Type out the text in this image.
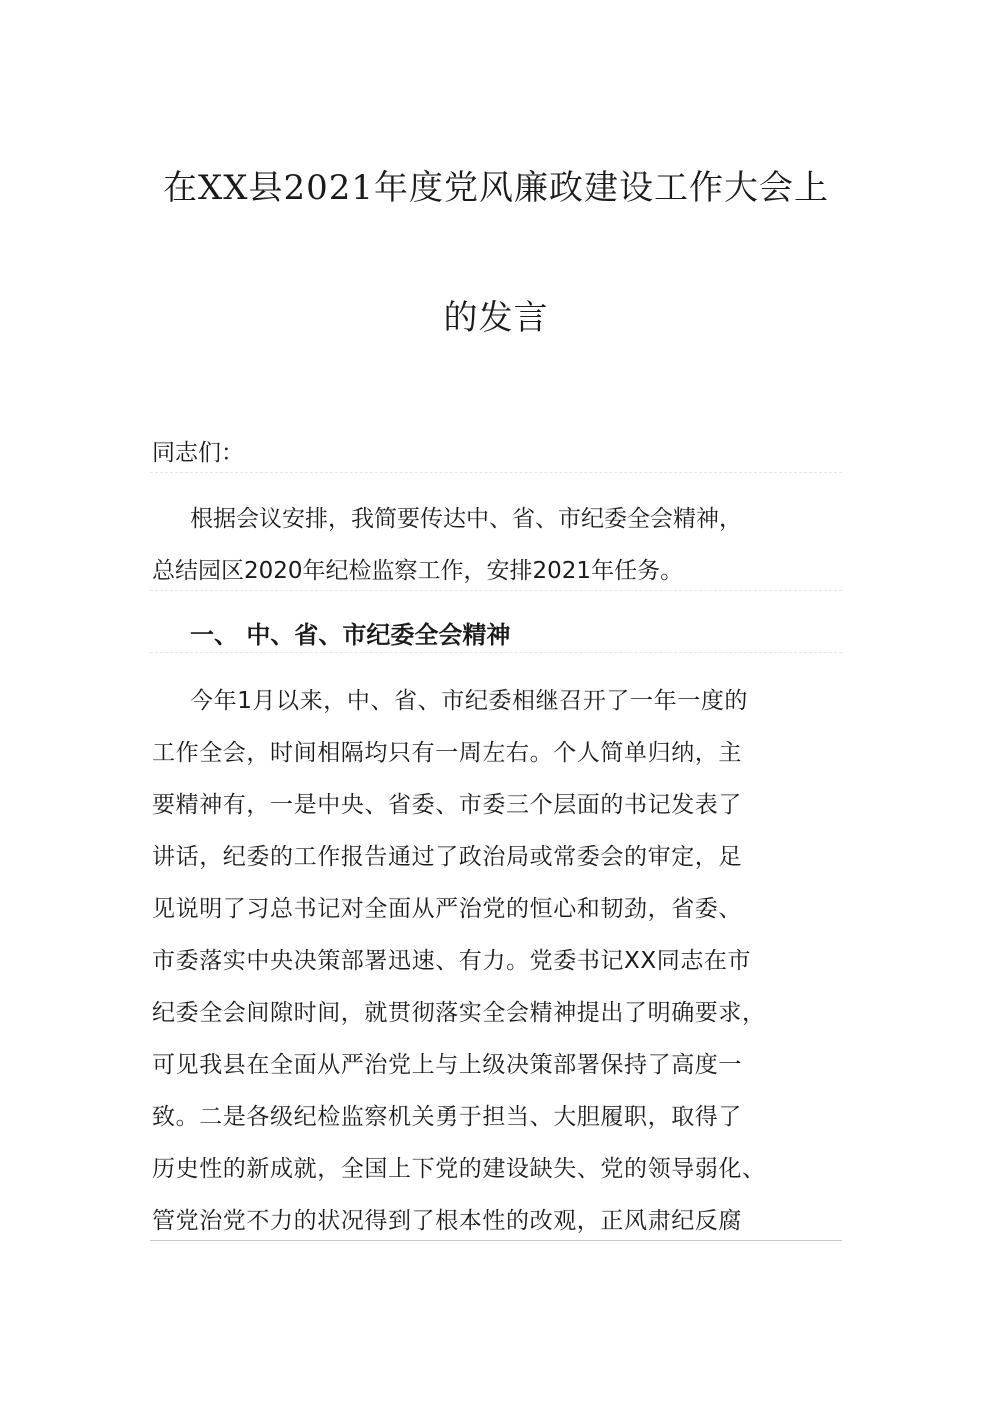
在XX县2021年度党风廉政建设工作大会上
的发言
同志们：
根据会议安排，我简要传达中、省、市纪委全会精神，
总结园区2020年纪检监察工作，安排2021年任务。
一、 中、省、市纪委全会精神
今年1月以来，中、省、市纪委相继召开了一年一度的
工作全会，时间相隔均只有一周左右。个人简单归纳，主
要精神有，一是中央、省委、市委三个层面的书记发表了
讲话，纪委的工作报告通过了政治局或常委会的审定，足
见说明了习总书记对全面从严治党的恒心和韧劲，省委、
市委落实中央决策部署迅速、有力。党委书记XX同志在市
纪委全会间隙时间，就贯彻落实全会精神提出了明确要求，
可见我县在全面从严治党上与上级决策部署保持了高度一
致。二是各级纪检监察机关勇于担当、大胆履职，取得了
历史性的新成就，全国上下党的建设缺失、党的领导弱化、
管党治党不力的状况得到了根本性的改观，正风肃纪反腐
